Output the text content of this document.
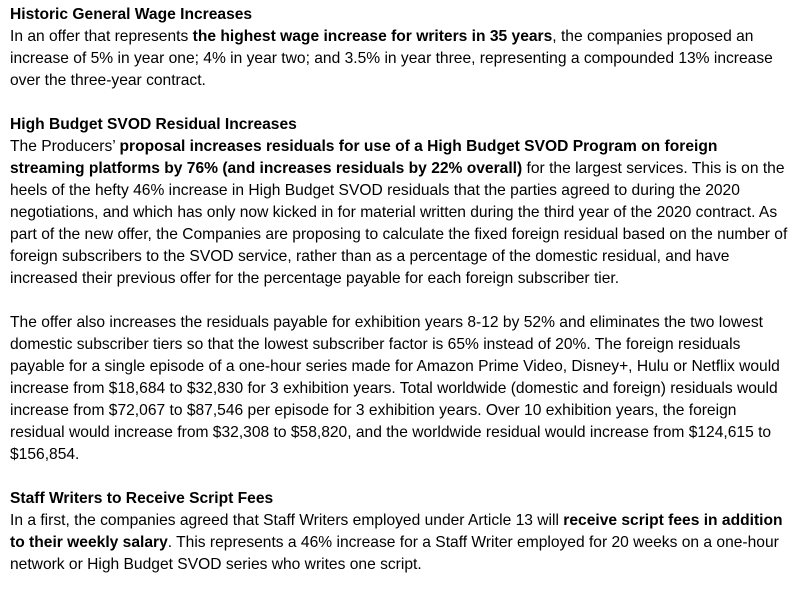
Historic General Wage Increases

In an offer that represents the highest wage increase for writers in 35 years, the companies proposed an increase of 5% in year one; 4% in year two; and 3.5% in year three, representing a compounded 13% increase over the three-year contract.

High Budget SVOD Residual Increases

The Producers’ proposal increases residuals for use of a High Budget SVOD Program on foreign streaming platforms by 76% (and increases residuals by 22% overall) for the largest services. This is on the heels of the hefty 46% increase in High Budget SVOD residuals that the parties agreed to during the 2020 negotiations, and which has only now kicked in for material written during the third year of the 2020 contract. As part of the new offer, the Companies are proposing to calculate the fixed foreign residual based on the number of foreign subscribers to the SVOD service, rather than as a percentage of the domestic residual, and have increased their previous offer for the percentage payable for each foreign subscriber tier.

The offer also increases the residuals payable for exhibition years 8-12 by 52% and eliminates the two lowest domestic subscriber tiers so that the lowest subscriber factor is 65% instead of 20%. The foreign residuals payable for a single episode of a one-hour series made for Amazon Prime Video, Disney+, Hulu or Netflix would increase from $18,684 to $32,830 for 3 exhibition years. Total worldwide (domestic and foreign) residuals would increase from $72,067 to $87,546 per episode for 3 exhibition years. Over 10 exhibition years, the foreign residual would increase from $32,308 to $58,820, and the worldwide residual would increase from $124,615 to $156,854.

Staff Writers to Receive Script Fees

In a first, the companies agreed that Staff Writers employed under Article 13 will receive script fees in addition to their weekly salary. This represents a 46% increase for a Staff Writer employed for 20 weeks on a one-hour network or High Budget SVOD series who writes one script.
